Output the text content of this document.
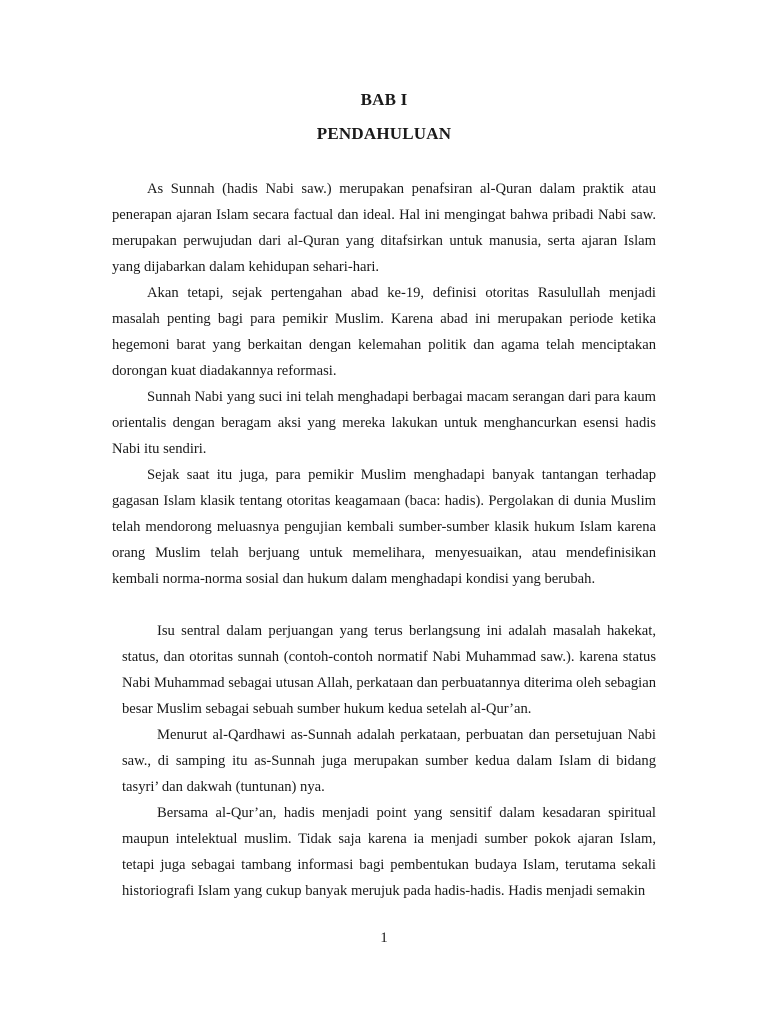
BAB I
PENDAHULUAN

As Sunnah (hadis Nabi saw.) merupakan penafsiran al-Quran dalam praktik atau penerapan ajaran Islam secara factual dan ideal. Hal ini mengingat bahwa pribadi Nabi saw. merupakan perwujudan dari al-Quran yang ditafsirkan untuk manusia, serta ajaran Islam yang dijabarkan dalam kehidupan sehari-hari.

Akan tetapi, sejak pertengahan abad ke-19, definisi otoritas Rasulullah menjadi masalah penting bagi para pemikir Muslim. Karena abad ini merupakan periode ketika hegemoni barat yang berkaitan dengan kelemahan politik dan agama telah menciptakan dorongan kuat diadakannya reformasi.

Sunnah Nabi yang suci ini telah menghadapi berbagai macam serangan dari para kaum orientalis dengan beragam aksi yang mereka lakukan untuk menghancurkan esensi hadis Nabi itu sendiri.

Sejak saat itu juga, para pemikir Muslim menghadapi banyak tantangan terhadap gagasan Islam klasik tentang otoritas keagamaan (baca: hadis). Pergolakan di dunia Muslim telah mendorong meluasnya pengujian kembali sumber-sumber klasik hukum Islam karena orang Muslim telah berjuang untuk memelihara, menyesuaikan, atau mendefinisikan kembali norma-norma sosial dan hukum dalam menghadapi kondisi yang berubah.

Isu sentral dalam perjuangan yang terus berlangsung ini adalah masalah hakekat, status, dan otoritas sunnah (contoh-contoh normatif Nabi Muhammad saw.). karena status Nabi Muhammad sebagai utusan Allah, perkataan dan perbuatannya diterima oleh sebagian besar Muslim sebagai sebuah sumber hukum kedua setelah al-Qur’an.

Menurut al-Qardhawi as-Sunnah adalah perkataan, perbuatan dan persetujuan Nabi saw., di samping itu as-Sunnah juga merupakan sumber kedua dalam Islam di bidang tasyri’ dan dakwah (tuntunan) nya.

Bersama al-Qur’an, hadis menjadi point yang sensitif dalam kesadaran spiritual maupun intelektual muslim. Tidak saja karena ia menjadi sumber pokok ajaran Islam, tetapi juga sebagai tambang informasi bagi pembentukan budaya Islam, terutama sekali historiografi Islam yang cukup banyak merujuk pada hadis-hadis. Hadis menjadi semakin

1
